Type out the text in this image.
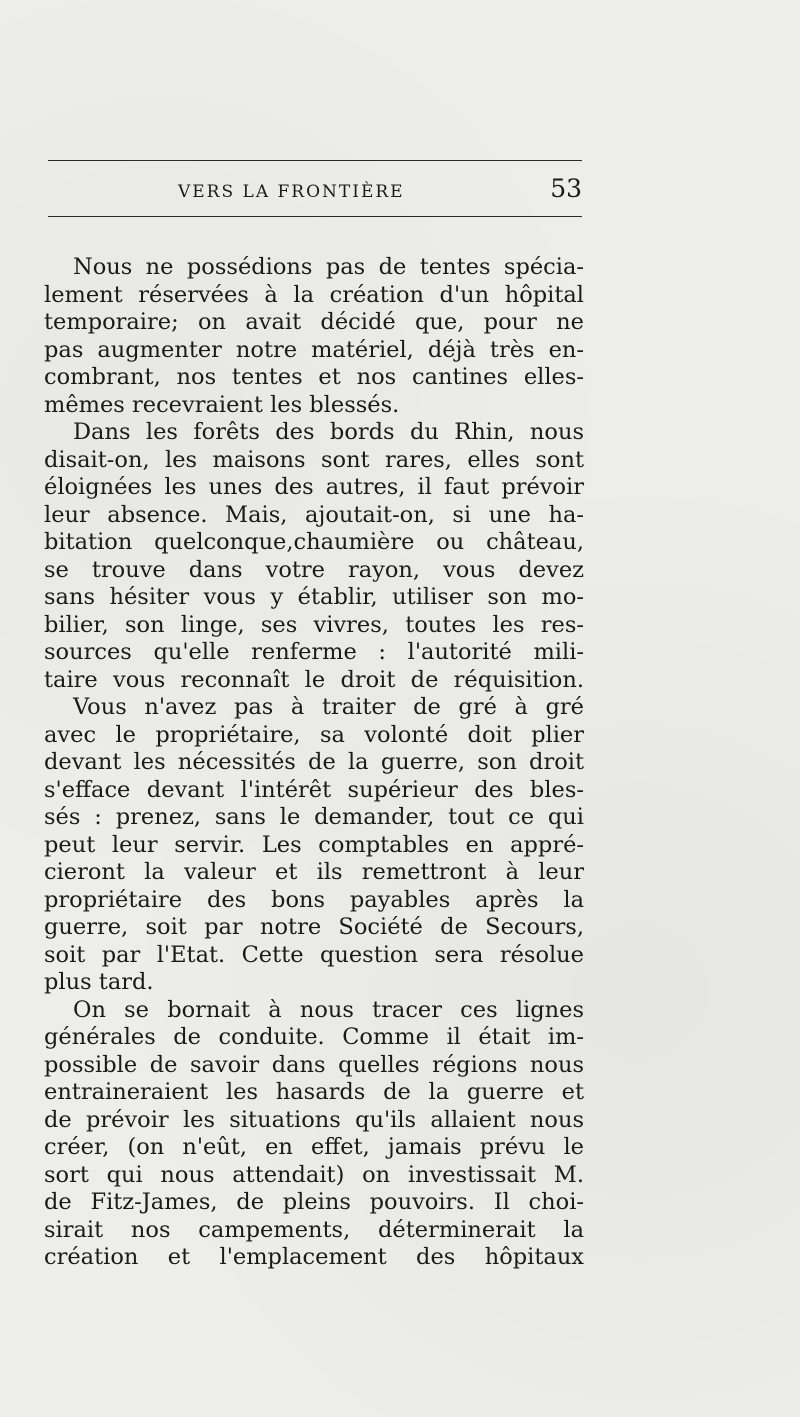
VERS LA FRONTIÈRE	53
Nous ne possédions pas de tentes spécia-
lement réservées à la création d'un hôpital
temporaire; on avait décidé que, pour ne
pas augmenter notre matériel, déjà très en-
combrant, nos tentes et nos cantines elles-
mêmes recevraient les blessés.
Dans les forêts des bords du Rhin, nous
disait-on, les maisons sont rares, elles sont
éloignées les unes des autres, il faut prévoir
leur absence. Mais, ajoutait-on, si une ha-
bitation quelconque,chaumière ou château,
se trouve dans votre rayon, vous devez
sans hésiter vous y établir, utiliser son mo-
bilier, son linge, ses vivres, toutes les res-
sources qu'elle renferme : l'autorité mili-
taire vous reconnaît le droit de réquisition.
Vous n'avez pas à traiter de gré à gré
avec le propriétaire, sa volonté doit plier
devant les nécessités de la guerre, son droit
s'efface devant l'intérêt supérieur des bles-
sés : prenez, sans le demander, tout ce qui
peut leur servir. Les comptables en appré-
cieront la valeur et ils remettront à leur
propriétaire des bons payables après la
guerre, soit par notre Société de Secours,
soit par l'Etat. Cette question sera résolue
plus tard.
On se bornait à nous tracer ces lignes
générales de conduite. Comme il était im-
possible de savoir dans quelles régions nous
entraineraient les hasards de la guerre et
de prévoir les situations qu'ils allaient nous
créer, (on n'eût, en effet, jamais prévu le
sort qui nous attendait) on investissait M.
de Fitz-James, de pleins pouvoirs. Il choi-
sirait nos campements, déterminerait la
création et l'emplacement des hôpitaux
